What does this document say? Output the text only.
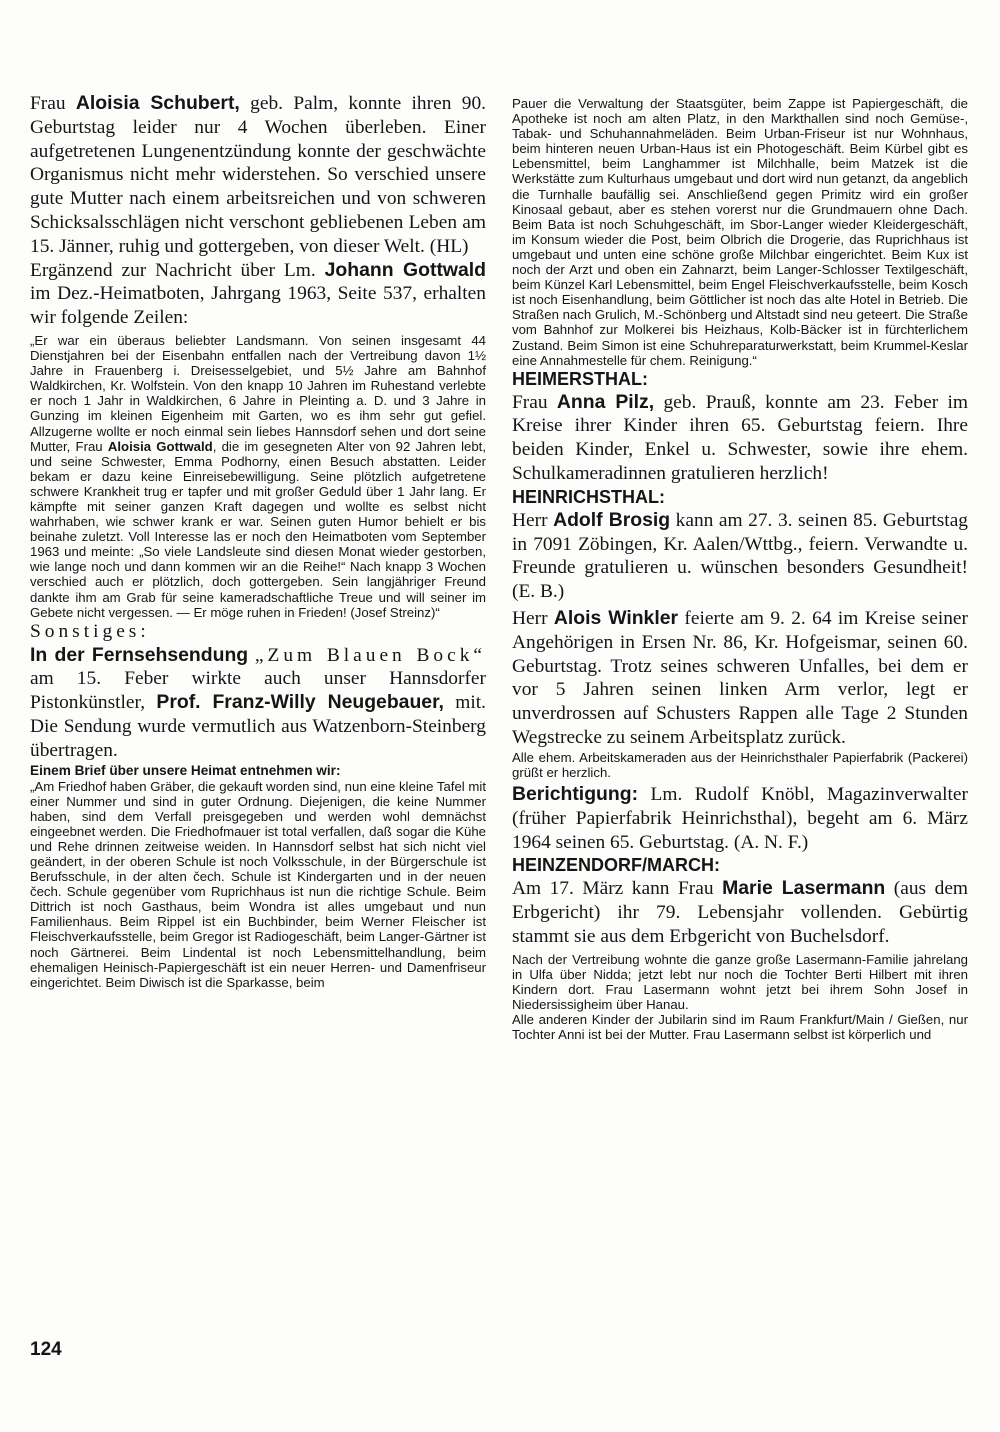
Frau Aloisia Schubert, geb. Palm, konnte ihren 90. Geburtstag leider nur 4 Wochen überleben. Einer aufgetretenen Lungenentzündung konnte der geschwächte Organismus nicht mehr widerstehen. So verschied unsere gute Mutter nach einem arbeitsreichen und von schweren Schicksalsschlägen nicht verschont gebliebenen Leben am 15. Jänner, ruhig und gottergeben, von dieser Welt. (HL)

Ergänzend zur Nachricht über Lm. Johann Gottwald im Dez.-Heimatboten, Jahrgang 1963, Seite 537, erhalten wir folgende Zeilen:

„Er war ein überaus beliebter Landsmann. Von seinen insgesamt 44 Dienstjahren bei der Eisenbahn entfallen nach der Vertreibung davon 1½ Jahre in Frauenberg i. Dreisesselgebiet, und 5½ Jahre am Bahnhof Waldkirchen, Kr. Wolfstein. Von den knapp 10 Jahren im Ruhestand verlebte er noch 1 Jahr in Waldkirchen, 6 Jahre in Pleinting a. D. und 3 Jahre in Gunzing im kleinen Eigenheim mit Garten, wo es ihm sehr gut gefiel. Allzugerne wollte er noch einmal sein liebes Hannsdorf sehen und dort seine Mutter, Frau Aloisia Gottwald, die im gesegneten Alter von 92 Jahren lebt, und seine Schwester, Emma Podhorny, einen Besuch abstatten. Leider bekam er dazu keine Einreisebewilligung. Seine plötzlich aufgetretene schwere Krankheit trug er tapfer und mit großer Geduld über 1 Jahr lang. Er kämpfte mit seiner ganzen Kraft dagegen und wollte es selbst nicht wahrhaben, wie schwer krank er war. Seinen guten Humor behielt er bis beinahe zuletzt. Voll Interesse las er noch den Heimatboten vom September 1963 und meinte: „So viele Landsleute sind diesen Monat wieder gestorben, wie lange noch und dann kommen wir an die Reihe!“ Nach knapp 3 Wochen verschied auch er plötzlich, doch gottergeben. Sein langjähriger Freund dankte ihm am Grab für seine kameradschaftliche Treue und will seiner im Gebete nicht vergessen. — Er möge ruhen in Frieden! (Josef Streinz)“

Sonstiges:

In der Fernsehsendung „Zum Blauen Bock“ am 15. Feber wirkte auch unser Hannsdorfer Pistonkünstler, Prof. Franz-Willy Neugebauer, mit. Die Sendung wurde vermutlich aus Watzenborn-Steinberg übertragen.

Einem Brief über unsere Heimat entnehmen wir:

„Am Friedhof haben Gräber, die gekauft worden sind, nun eine kleine Tafel mit einer Nummer und sind in guter Ordnung. Diejenigen, die keine Nummer haben, sind dem Verfall preisgegeben und werden wohl demnächst eingeebnet werden. Die Friedhofmauer ist total verfallen, daß sogar die Kühe und Rehe drinnen zeitweise weiden. In Hannsdorf selbst hat sich nicht viel geändert, in der oberen Schule ist noch Volksschule, in der Bürgerschule ist Berufsschule, in der alten čech. Schule ist Kindergarten und in der neuen čech. Schule gegenüber vom Ruprichhaus ist nun die richtige Schule. Beim Dittrich ist noch Gasthaus, beim Wondra ist alles umgebaut und nun Familienhaus. Beim Rippel ist ein Buchbinder, beim Werner Fleischer ist Fleischverkaufsstelle, beim Gregor ist Radiogeschäft, beim Langer-Gärtner ist noch Gärtnerei. Beim Lindental ist noch Lebensmittelhandlung, beim ehemaligen Heinisch-Papiergeschäft ist ein neuer Herren- und Damenfriseur eingerichtet. Beim Diwisch ist die Sparkasse, beim

Pauer die Verwaltung der Staatsgüter, beim Zappe ist Papiergeschäft, die Apotheke ist noch am alten Platz, in den Markthallen sind noch Gemüse-, Tabak- und Schuhannahmeläden. Beim Urban-Friseur ist nur Wohnhaus, beim hinteren neuen Urban-Haus ist ein Photogeschäft. Beim Kürbel gibt es Lebensmittel, beim Langhammer ist Milchhalle, beim Matzek ist die Werkstätte zum Kulturhaus umgebaut und dort wird nun getanzt, da angeblich die Turnhalle baufällig sei. Anschließend gegen Primitz wird ein großer Kinosaal gebaut, aber es stehen vorerst nur die Grundmauern ohne Dach. Beim Bata ist noch Schuhgeschäft, im Sbor-Langer wieder Kleidergeschäft, im Konsum wieder die Post, beim Olbrich die Drogerie, das Ruprichhaus ist umgebaut und unten eine schöne große Milchbar eingerichtet. Beim Kux ist noch der Arzt und oben ein Zahnarzt, beim Langer-Schlosser Textilgeschäft, beim Künzel Karl Lebensmittel, beim Engel Fleischverkaufsstelle, beim Kosch ist noch Eisenhandlung, beim Göttlicher ist noch das alte Hotel in Betrieb. Die Straßen nach Grulich, M.-Schönberg und Altstadt sind neu geteert. Die Straße vom Bahnhof zur Molkerei bis Heizhaus, Kolb-Bäcker ist in fürchterlichem Zustand. Beim Simon ist eine Schuhreparaturwerkstatt, beim Krummel-Keslar eine Annahmestelle für chem. Reinigung.“

HEIMERSTHAL:

Frau Anna Pilz, geb. Prauß, konnte am 23. Feber im Kreise ihrer Kinder ihren 65. Geburtstag feiern. Ihre beiden Kinder, Enkel u. Schwester, sowie ihre ehem. Schulkameradinnen gratulieren herzlich!

HEINRICHSTHAL:

Herr Adolf Brosig kann am 27. 3. seinen 85. Geburtstag in 7091 Zöbingen, Kr. Aalen/Wttbg., feiern. Verwandte u. Freunde gratulieren u. wünschen besonders Gesundheit! (E. B.)

Herr Alois Winkler feierte am 9. 2. 64 im Kreise seiner Angehörigen in Ersen Nr. 86, Kr. Hofgeismar, seinen 60. Geburtstag. Trotz seines schweren Unfalles, bei dem er vor 5 Jahren seinen linken Arm verlor, legt er unverdrossen auf Schusters Rappen alle Tage 2 Stunden Wegstrecke zu seinem Arbeitsplatz zurück.

Alle ehem. Arbeitskameraden aus der Heinrichsthaler Papierfabrik (Packerei) grüßt er herzlich.

Berichtigung: Lm. Rudolf Knöbl, Magazinverwalter (früher Papierfabrik Heinrichsthal), begeht am 6. März 1964 seinen 65. Geburtstag. (A. N. F.)

HEINZENDORF/MARCH:

Am 17. März kann Frau Marie Lasermann (aus dem Erbgericht) ihr 79. Lebensjahr vollenden. Gebürtig stammt sie aus dem Erbgericht von Buchelsdorf.

Nach der Vertreibung wohnte die ganze große Lasermann-Familie jahrelang in Ulfa über Nidda; jetzt lebt nur noch die Tochter Berti Hilbert mit ihren Kindern dort. Frau Lasermann wohnt jetzt bei ihrem Sohn Josef in Niedersissigheim über Hanau.

Alle anderen Kinder der Jubilarin sind im Raum Frankfurt/Main / Gießen, nur Tochter Anni ist bei der Mutter. Frau Lasermann selbst ist körperlich und

124
